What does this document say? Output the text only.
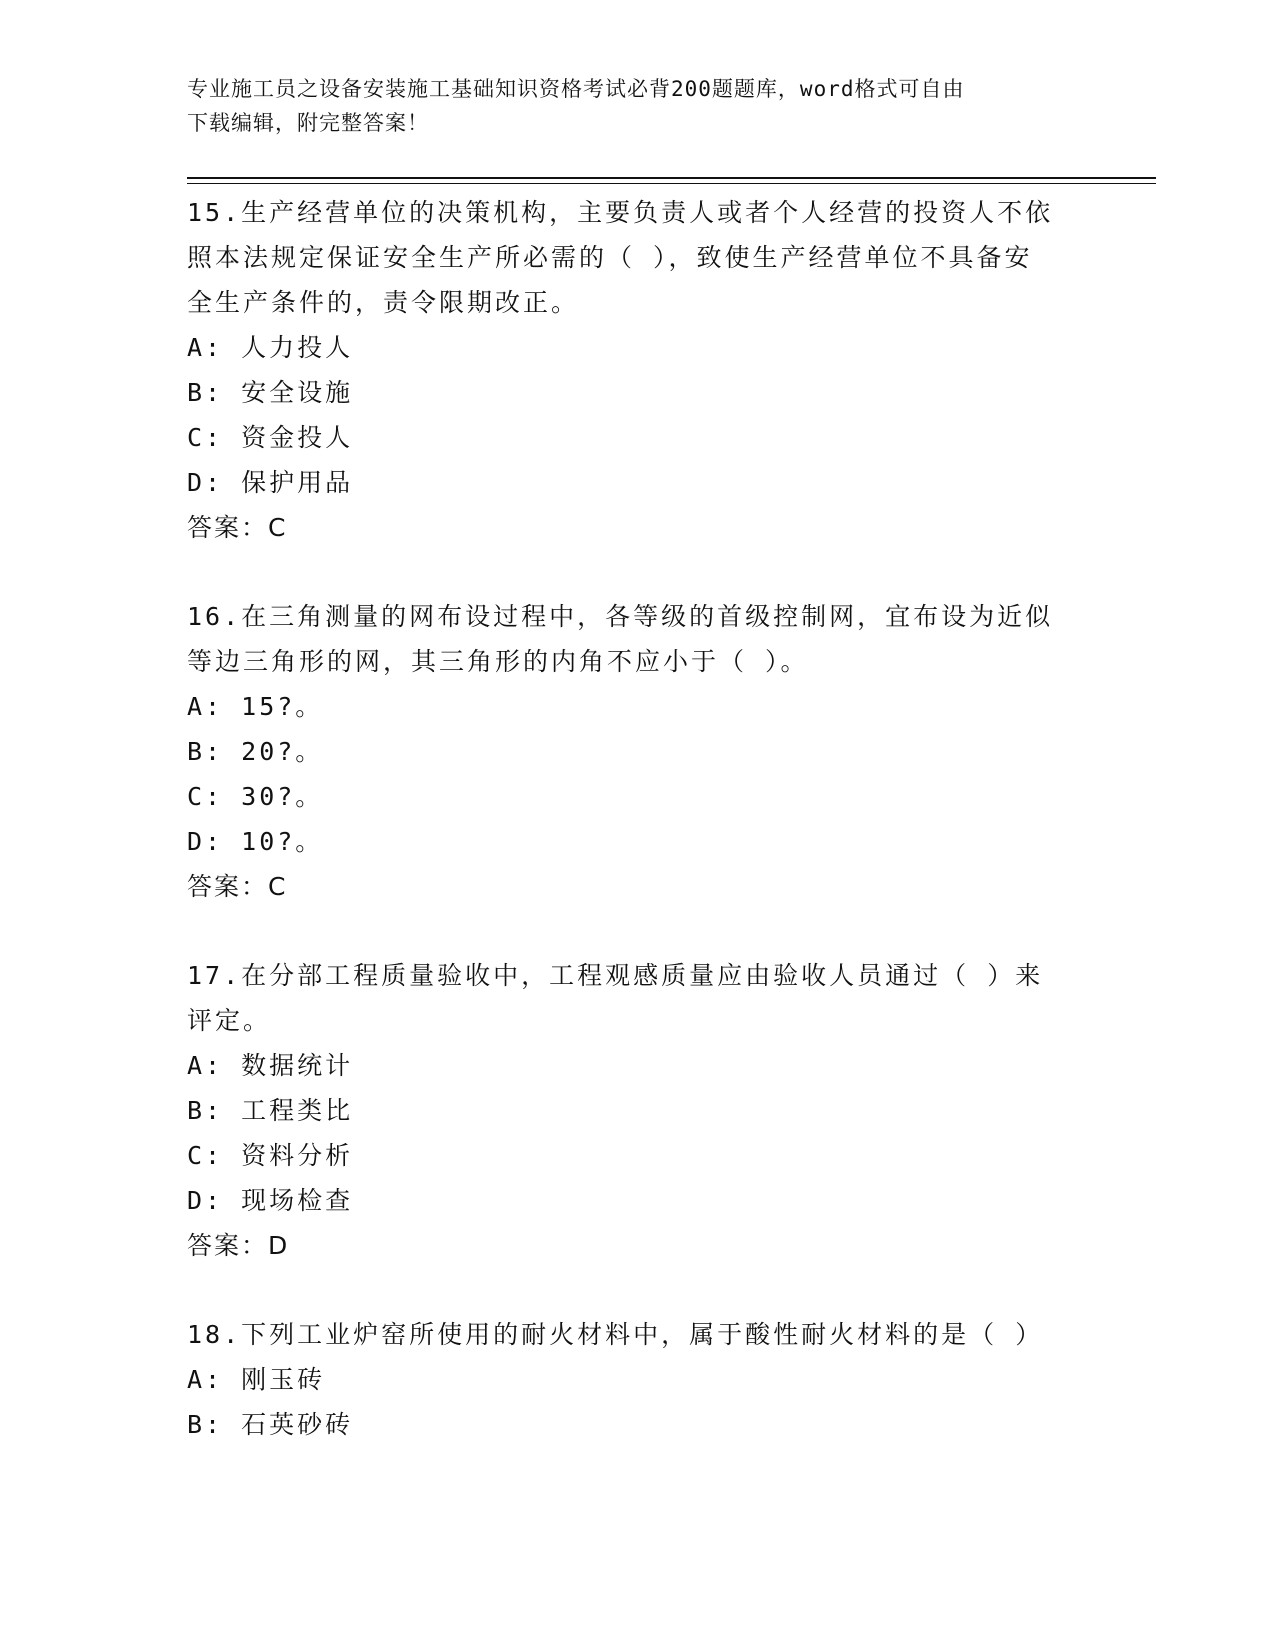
专业施工员之设备安装施工基础知识资格考试必背200题题库，word格式可自由
下载编辑，附完整答案！
15.生产经营单位的决策机构，主要负责人或者个人经营的投资人不依
照本法规定保证安全生产所必需的（ ），致使生产经营单位不具备安
全生产条件的，责令限期改正。
A: 人力投人
B: 安全设施
C: 资金投人
D: 保护用品
答案：C
16.在三角测量的网布设过程中，各等级的首级控制网，宜布设为近似
等边三角形的网，其三角形的内角不应小于（ ）。
A: 15?。
B: 20?。
C: 30?。
D: 10?。
答案：C
17.在分部工程质量验收中，工程观感质量应由验收人员通过（ ）来
评定。
A: 数据统计
B: 工程类比
C: 资料分析
D: 现场检查
答案：D
18.下列工业炉窑所使用的耐火材料中，属于酸性耐火材料的是（ ）
A: 刚玉砖
B: 石英砂砖
